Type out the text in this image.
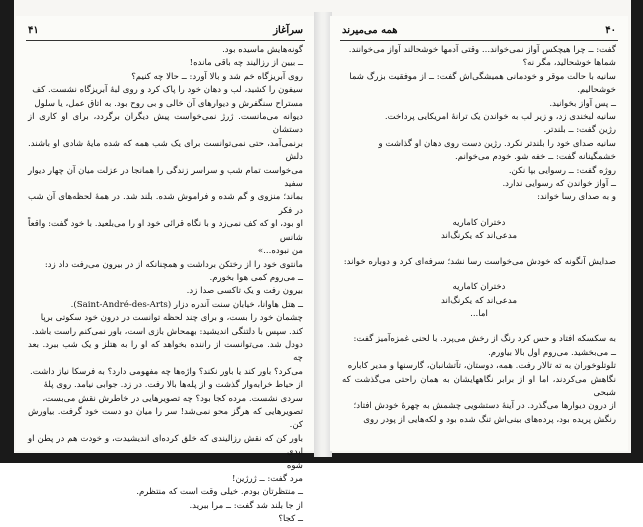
۴۱	سرآغاز

گونه‌هایش ماسیده بود.

ــ بیین از رزالیند چه باقی مانده!

روی آبریزگاه خم شد و بالا آورد: ــ حالا چه کنیم؟

سیفون را کشید، لب و دهان خود را پاک کرد و روی لبهٔ آبریزگاه نشست. کف

مستراح سنگفرش و دیوارهای آن خالی و بی روح بود. به اتاق عمل، یا سلول

دیوانه می‌مانست. ژرژ نمی‌خواست پیش دیگران برگردد، برای او کاری از دستشان

برنمی‌آمد، حتی نمی‌توانست برای یک شب همه که شده مایهٔ شادی او باشند. دلش

می‌خواست تمام شب و سراسر زندگی را همانجا در عزلت میان آن چهار دیوار سفید

بماند؛ منزوی و گم شده و فراموش شده. بلند شد. در همهٔ لحظه‌های آن شب در فکر

او بود، او که کف نمی‌زد و با نگاه قرائی خود او را می‌بلعید. با خود گفت: واقعاً شانس

من نبوده...»

مانتوی خود را از رختکن برداشت و همچنانکه از در بیرون می‌رفت داد زد:

ــ می‌روم کمی هوا بخورم.

بیرون رفت و یک تاکسی صدا زد.

ــ هتل هاوانا، خیابان سنت آندره دزار (Saint-André-des-Arts).

چشمان خود را بست، و برای چند لحظه توانست در درون خود سکوتی برپا

کند. سپس با دلتنگی اندیشید: بهمحاش بازی است، باور نمی‌کنم راست باشد.

دودل شد. می‌توانست از راننده بخواهد که او را به هتلز و یک شب ببرد. بعد چه

می‌کرد؟ باور کند یا باور نکند؟ واژه‌ها چه مفهومی دارد؟ به فرسکا نیاز داشت.

از حیاط خرابه‌وار گذشت و از پله‌ها بالا رفت. در زد. جوابی نیامد. روی پلهٔ

سردی نشست. مرده کجا بود؟ چه تصویرهایی در خاطرش نقش می‌بست،

تصویرهایی که هرگز محو نمی‌شد! سر را میان دو دست خود گرفت. بیاورش کن.

باور کن که نقش رزالیندی که خلق کرده‌ای اندیشیدت، و خودت هم در پطن او ابدی

شوه

مرد گفت: ــ ژرژین!

ــ منتظرتان بودم. خیلی وقت است که منتظرم.

از جا بلند شد گفت: ــ مرا ببرید.

ــ کجا؟

۴۰
همه می‌میرند

گفت: ــ چرا هیچکس آواز نمی‌خواند... وقتی آدمها خوشحالند آواز می‌خوانند.

شماها خوشحالید، مگر نه؟

سانیه با حالت موقر و خودمانی همیشگی‌اش گفت: ــ از موفقیت بزرگ شما

خوشحالیم.

ــ پس آواز بخوانید.

سانیه لبخندی زد، و زیر لب به خواندن یک ترانهٔ امریکایی پرداخت.

رژین گفت: ــ بلندتر.

سانیه صدای خود را بلندتر نکرد. رژین دست روی دهان او گذاشت و

خشمگینانه گفت: ــ خفه شو. خودم می‌خوانم.

روژه گفت: ــ رسوایی بپا نکن.

ــ آواز خواندن که رسوایی ندارد.

و به صدای رسا خواند:

دختران کاماریه
مدعی‌اند که یکرنگ‌اند

صدایش آنگونه که خودش می‌خواست رسا نشد؛ سرفه‌ای کرد و دوباره خواند:

دختران کاماریه
مدعی‌اند که یکرنگ‌اند
اما...

به سکسکه افتاد و حس کرد رنگ از رخش می‌پرد. با لحنی غمزه‌آمیز گفت:

ــ می‌بخشید. می‌روم اول بالا بیاورم.

تلوتلوخوران به ته تالار رفت. همه، دوستان، تآتشانبان، گارسنها و مدیر کاباره

نگاهش می‌کردند، اما او از برابر نگاههایشان به همان راحتی می‌گذشت که شبحی

از درون دیوارها می‌گذرد. در آینهٔ دستشویی چشمش به چهرهٔ خودش افتاد؛

رنگش پریده بود، پرده‌های بینی‌اش تنگ شده بود و لکه‌هایی از پودر روی
